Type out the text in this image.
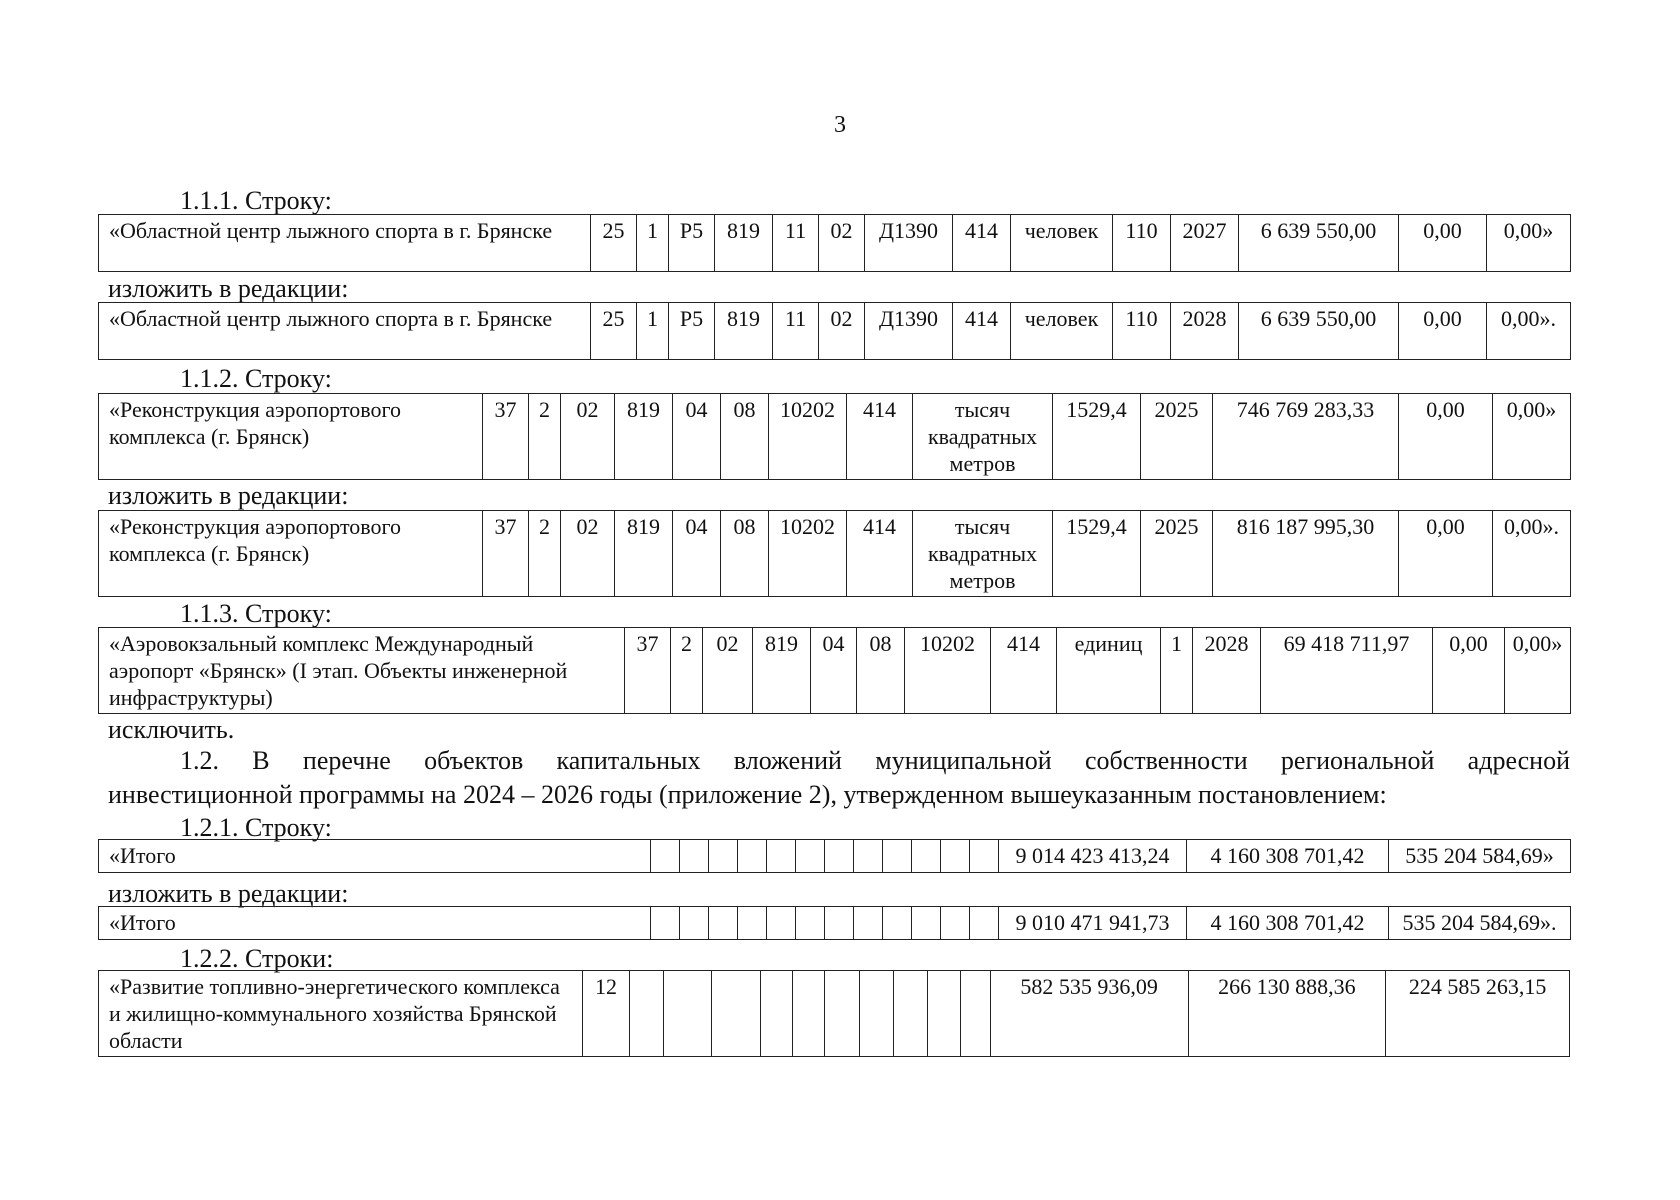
3
1.1.1. Строку:
«Областной центр лыжного спорта в г. Брянске	25	1	Р5	819	11	02	Д1390	414	человек	110	2027	6 639 550,00	0,00	0,00»
изложить в редакции:
«Областной центр лыжного спорта в г. Брянске	25	1	Р5	819	11	02	Д1390	414	человек	110	2028	6 639 550,00	0,00	0,00».
1.1.2. Строку:
«Реконструкция аэропортового комплекса (г. Брянск)	37	2	02	819	04	08	10202	414	тысяч квадратных метров	1529,4	2025	746 769 283,33	0,00	0,00»
изложить в редакции:
«Реконструкция аэропортового комплекса (г. Брянск)	37	2	02	819	04	08	10202	414	тысяч квадратных метров	1529,4	2025	816 187 995,30	0,00	0,00».
1.1.3. Строку:
«Аэровокзальный комплекс Международный аэропорт «Брянск» (I этап. Объекты инженерной инфраструктуры)	37	2	02	819	04	08	10202	414	единиц	1	2028	69 418 711,97	0,00	0,00»
исключить.
1.2. В перечне объектов капитальных вложений муниципальной собственности региональной адресной
инвестиционной программы на 2024 – 2026 годы (приложение 2), утвержденном вышеуказанным постановлением:
1.2.1. Строку:
«Итого													9 014 423 413,24	4 160 308 701,42	535 204 584,69»
изложить в редакции:
«Итого													9 010 471 941,73	4 160 308 701,42	535 204 584,69».
1.2.2. Строки:
«Развитие топливно-энергетического комплекса и жилищно-коммунального хозяйства Брянской области	12											582 535 936,09	266 130 888,36	224 585 263,15
